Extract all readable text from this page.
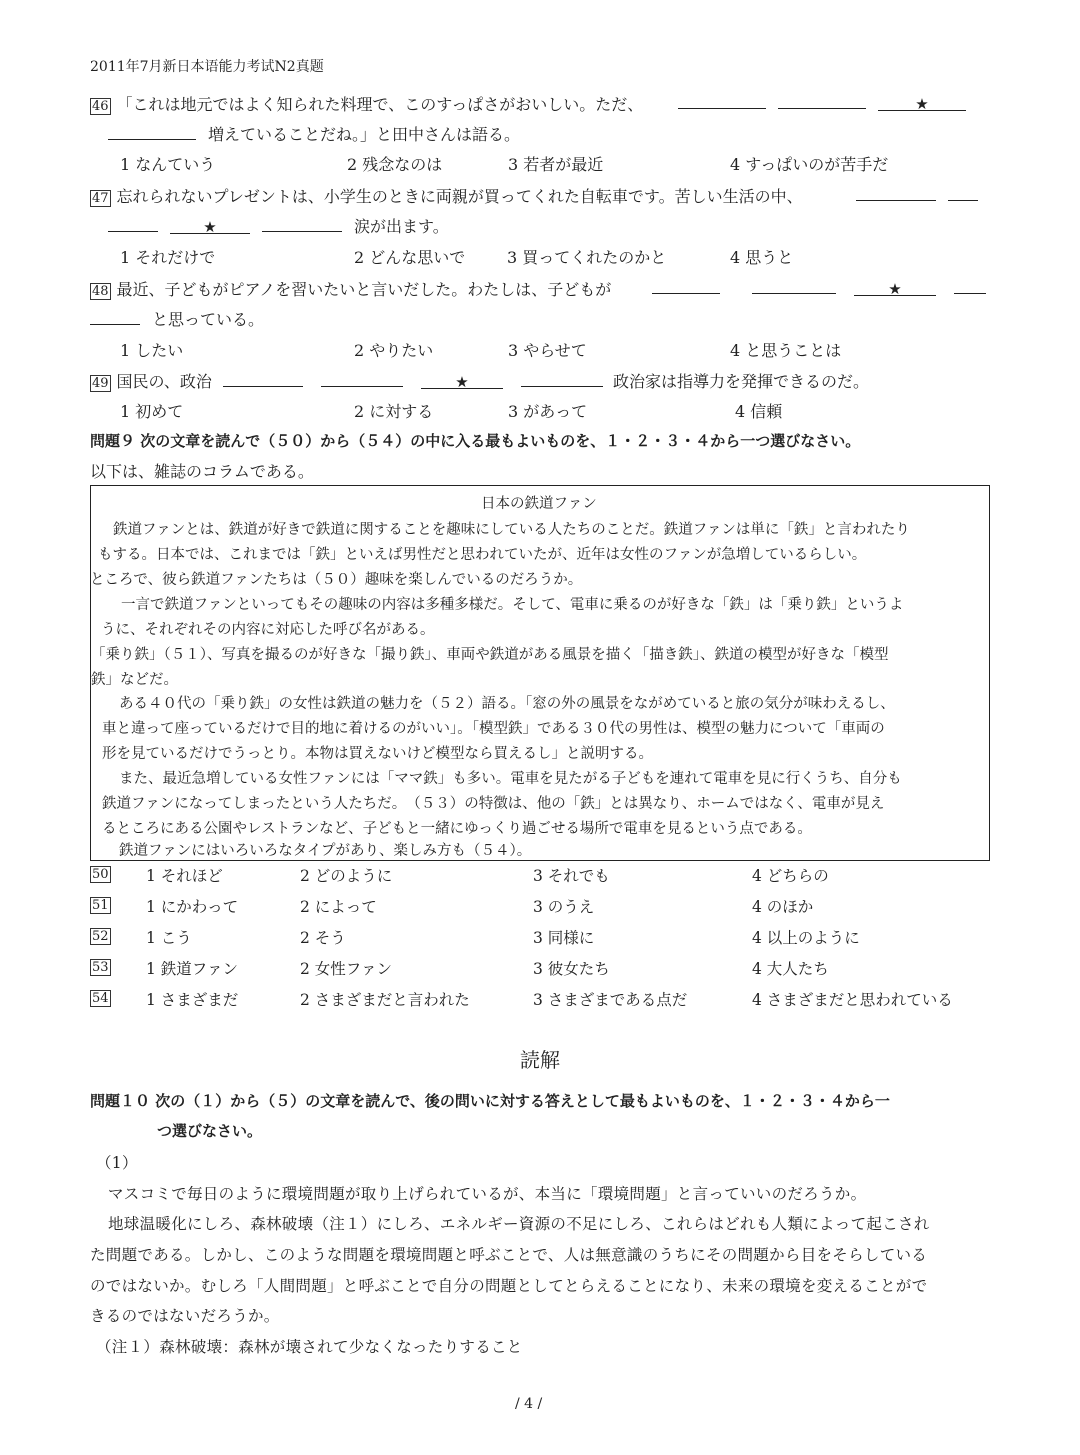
2011年7月新日本语能力考试N2真题
46 「これは地元ではよく知られた料理で、このすっぱさがおいしい。ただ、	★
増えていることだね。」と田中さんは語る。
1 なんていう	2 残念なのは	3 若者が最近	4 すっぱいのが苦手だ
47 忘れられないプレゼントは、小学生のときに両親が買ってくれた自転車です。苦しい生活の中、
★	涙が出ます。
1 それだけで	2 どんな思いで	3 買ってくれたのかと	4 思うと
48 最近、子どもがピアノを習いたいと言いだした。わたしは、子どもが	★
と思っている。
1 したい	2 やりたい	3 やらせて	4 と思うことは
49 国民の、政治	★	政治家は指導力を発揮できるのだ。
1 初めて	2 に対する	3 があって	4 信頼
問題９ 次の文章を読んで（５０）から（５４）の中に入る最もよいものを、１・２・３・４から一つ選びなさい。
以下は、雑誌のコラムである。
日本の鉄道ファン
鉄道ファンとは、鉄道が好きで鉄道に関することを趣味にしている人たちのことだ。鉄道ファンは単に「鉄」と言われたり
もする。日本では、これまでは「鉄」といえば男性だと思われていたが、近年は女性のファンが急増しているらしい。
ところで、彼ら鉄道ファンたちは（５０）趣味を楽しんでいるのだろうか。
一言で鉄道ファンといってもその趣味の内容は多種多様だ。そして、電車に乗るのが好きな「鉄」は「乗り鉄」というよ
うに、それぞれその内容に対応した呼び名がある。
「乗り鉄」（５１）、写真を撮るのが好きな「撮り鉄」、車両や鉄道がある風景を描く「描き鉄」、鉄道の模型が好きな「模型
鉄」などだ。
ある４０代の「乗り鉄」の女性は鉄道の魅力を（５２）語る。「窓の外の風景をながめていると旅の気分が味わえるし、
車と違って座っているだけで目的地に着けるのがいい」。「模型鉄」である３０代の男性は、模型の魅力について「車両の
形を見ているだけでうっとり。本物は買えないけど模型なら買えるし」と説明する。
また、最近急増している女性ファンには「ママ鉄」も多い。電車を見たがる子どもを連れて電車を見に行くうち、自分も
鉄道ファンになってしまったという人たちだ。　（５３）の特徴は、他の「鉄」とは異なり、ホームではなく、電車が見え
るところにある公園やレストランなど、子どもと一緒にゆっくり過ごせる場所で電車を見るという点である。
鉄道ファンにはいろいろなタイプがあり、楽しみ方も（５４）。
50	1 それほど	2 どのように	3 それでも	4 どちらの
51	1 にかわって	2 によって	3 のうえ	4 のほか
52	1 こう	2 そう	3 同様に	4 以上のように
53	1 鉄道ファン	2 女性ファン	3 彼女たち	4 大人たち
54	1 さまざまだ	2 さまざまだと言われた	3 さまざまである点だ	4 さまざまだと思われている
読解
問題１０ 次の（１）から（５）の文章を読んで、後の問いに対する答えとして最もよいものを、１・２・３・４から一
つ選びなさい。
（1）
マスコミで毎日のように環境問題が取り上げられているが、本当に「環境問題」と言っていいのだろうか。
地球温暖化にしろ、森林破壊（注１）にしろ、エネルギー資源の不足にしろ、これらはどれも人類によって起こされ
た問題である。しかし、このような問題を環境問題と呼ぶことで、人は無意識のうちにその問題から目をそらしている
のではないか。むしろ「人間問題」と呼ぶことで自分の問題としてとらえることになり、未来の環境を変えることがで
きるのではないだろうか。
（注１）森林破壊：森林が壊されて少なくなったりすること
/ 4 /
